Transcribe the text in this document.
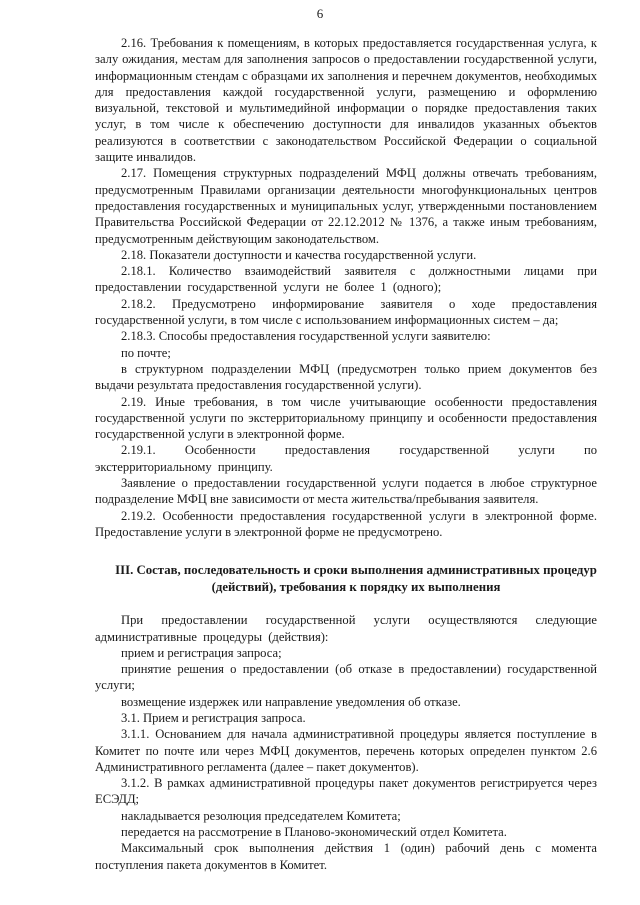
6

2.16. Требования к помещениям, в которых предоставляется государственная услуга, к залу ожидания, местам для заполнения запросов о предоставлении государственной услуги, информационным стендам с образцами их заполнения и перечнем документов, необходимых для предоставления каждой государственной услуги, размещению и оформлению визуальной, текстовой и мультимедийной информации о порядке предоставления таких услуг, в том числе к обеспечению доступности для инвалидов указанных объектов реализуются в соответствии с законодательством Российской Федерации о социальной защите инвалидов.

2.17. Помещения структурных подразделений МФЦ должны отвечать требованиям, предусмотренным Правилами организации деятельности многофункциональных центров предоставления государственных и муниципальных услуг, утвержденными постановлением Правительства Российской Федерации от 22.12.2012 № 1376, а также иным требованиям, предусмотренным действующим законодательством.

2.18. Показатели доступности и качества государственной услуги.

2.18.1. Количество взаимодействий заявителя с должностными лицами при предоставлении государственной услуги не более 1 (одного);

2.18.2. Предусмотрено информирование заявителя о ходе предоставления государственной услуги, в том числе с использованием информационных систем – да;

2.18.3. Способы предоставления государственной услуги заявителю:

по почте;

в структурном подразделении МФЦ (предусмотрен только прием документов без выдачи результата предоставления государственной услуги).

2.19. Иные требования, в том числе учитывающие особенности предоставления государственной услуги по экстерриториальному принципу и особенности предоставления государственной услуги в электронной форме.

2.19.1. Особенности предоставления государственной услуги по экстерриториальному принципу.

Заявление о предоставлении государственной услуги подается в любое структурное подразделение МФЦ вне зависимости от места жительства/пребывания заявителя.

2.19.2. Особенности предоставления государственной услуги в электронной форме. Предоставление услуги в электронной форме не предусмотрено.

III. Состав, последовательность и сроки выполнения административных процедур (действий), требования к порядку их выполнения

При предоставлении государственной услуги осуществляются следующие административные процедуры (действия):

прием и регистрация запроса;

принятие решения о предоставлении (об отказе в предоставлении) государственной услуги;

возмещение издержек или направление уведомления об отказе.

3.1. Прием и регистрация запроса.

3.1.1. Основанием для начала административной процедуры является поступление в Комитет по почте или через МФЦ документов, перечень которых определен пунктом 2.6 Административного регламента (далее – пакет документов).

3.1.2. В рамках административной процедуры пакет документов регистрируется через ЕСЭДД;

накладывается резолюция председателем Комитета;

передается на рассмотрение в Планово-экономический отдел Комитета.

Максимальный срок выполнения действия 1 (один) рабочий день с момента поступления пакета документов в Комитет.
